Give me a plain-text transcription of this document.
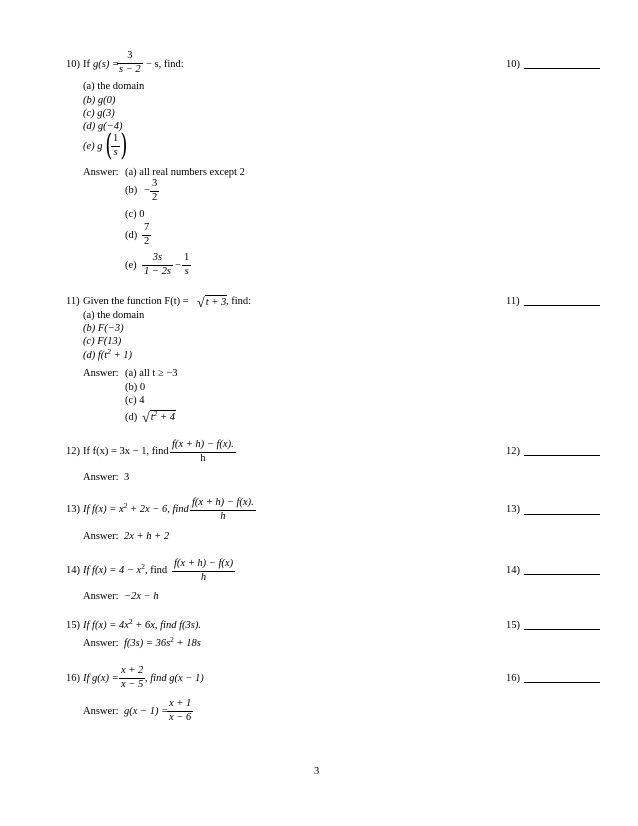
10) If g(s) =
3
s − 2 − s, find:	10)
(a) the domain
(b) g(0)
(c) g(3)
(d) g(−4)
(e) g ( 1
s )
Answer: (a) all real numbers except 2
(b) −
3
2
(c) 0
(d)
7
2
(e)
3s
1 − 2s −
1
s
11) Given the function F(t) = √t + 3 , find:	11)
(a) the domain
(b) F(−3)
(c) F(13)
(d) $f(t^2 + 1)$
Answer: (a) all t ≥ −3
(b) 0
(c) 4
(d) $√t^2 + 4$
12) If f(x) = 3x − 1, find
f(x + h) − f(x).
h
12)
Answer: 3
13) If $f(x) = x^2 + 2x - 6$, find
f(x + h) − f(x).
h
13)
Answer: 2x + h + 2
14) If $f(x) = 4 - x^2$, find
f(x + h) − f(x)
h
14)
Answer: −2x − h
15) If $f(x) = 4x^2 + 6x$, find f(3s).	15)
Answer: $f(3s) = 36s^2 + 18s$
16) If g(x) =
x + 2
x − 5 , find g(x − 1)	16)
Answer: g(x − 1) =
x + 1
x − 6
3
